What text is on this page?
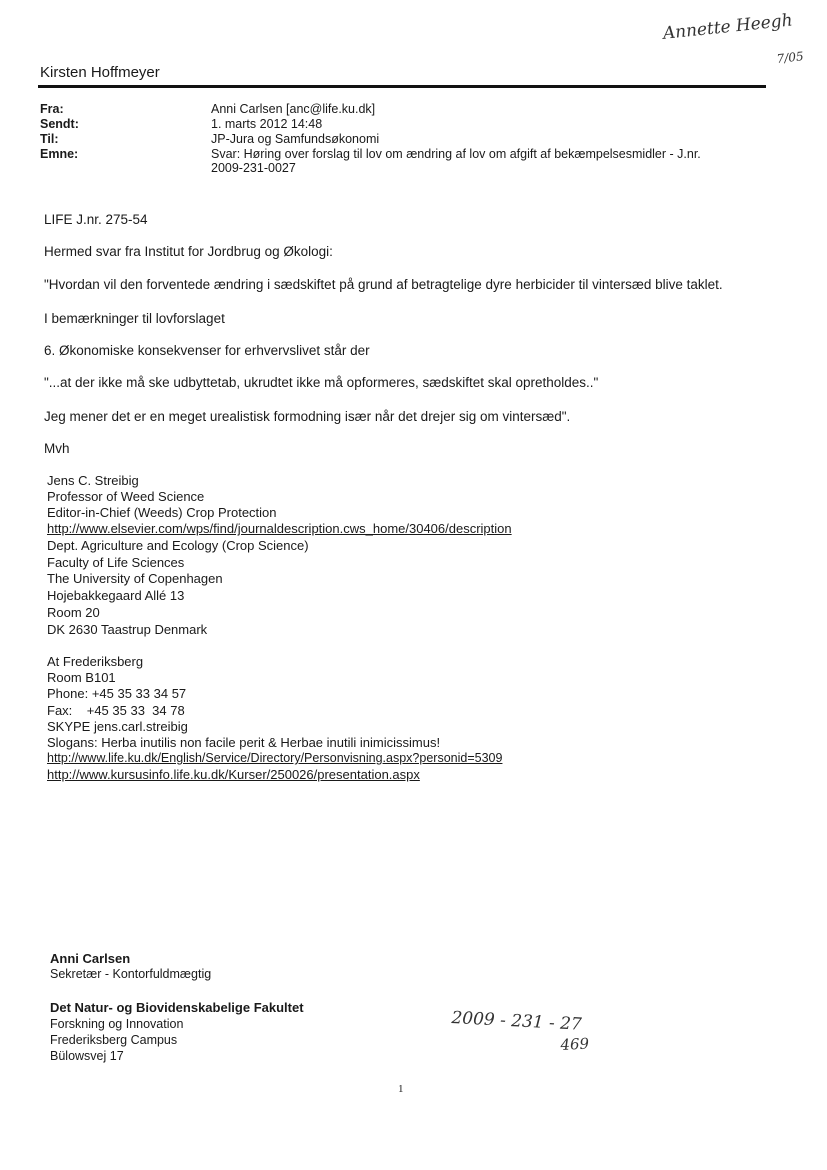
Annette Heegh
7/05
Kirsten Hoffmeyer
Fra:	Anni Carlsen [anc@life.ku.dk]
Sendt:	1. marts 2012 14:48
Til:	JP-Jura og Samfundsøkonomi
Emne:	Svar: Høring over forslag til lov om ændring af lov om afgift af bekæmpelsesmidler - J.nr.
2009-231-0027
LIFE J.nr. 275-54
Hermed svar fra Institut for Jordbrug og Økologi:
"Hvordan vil den forventede ændring i sædskiftet på grund af betragtelige dyre herbicider til vintersæd blive taklet.
I bemærkninger til lovforslaget
6. Økonomiske konsekvenser for erhvervslivet står der
"...at der ikke må ske udbyttetab, ukrudtet ikke må opformeres, sædskiftet skal opretholdes.."
Jeg mener det er en meget urealistisk formodning især når det drejer sig om vintersæd".
Mvh
Jens C. Streibig
Professor of Weed Science
Editor-in-Chief (Weeds) Crop Protection
http://www.elsevier.com/wps/find/journaldescription.cws_home/30406/description
Dept. Agriculture and Ecology (Crop Science)
Faculty of Life Sciences
The University of Copenhagen
Hojebakkegaard Allé 13
Room 20
DK 2630 Taastrup Denmark
At Frederiksberg
Room B101
Phone: +45 35 33 34 57
Fax:    +45 35 33  34 78
SKYPE jens.carl.streibig
Slogans: Herba inutilis non facile perit & Herbae inutili inimicissimus!
http://www.life.ku.dk/English/Service/Directory/Personvisning.aspx?personid=5309
http://www.kursusinfo.life.ku.dk/Kurser/250026/presentation.aspx
Anni Carlsen
Sekretær - Kontorfuldmægtig
Det Natur- og Biovidenskabelige Fakultet
Forskning og Innovation
Frederiksberg Campus
Bülowsvej 17
2009 - 231 - 27
469
1
